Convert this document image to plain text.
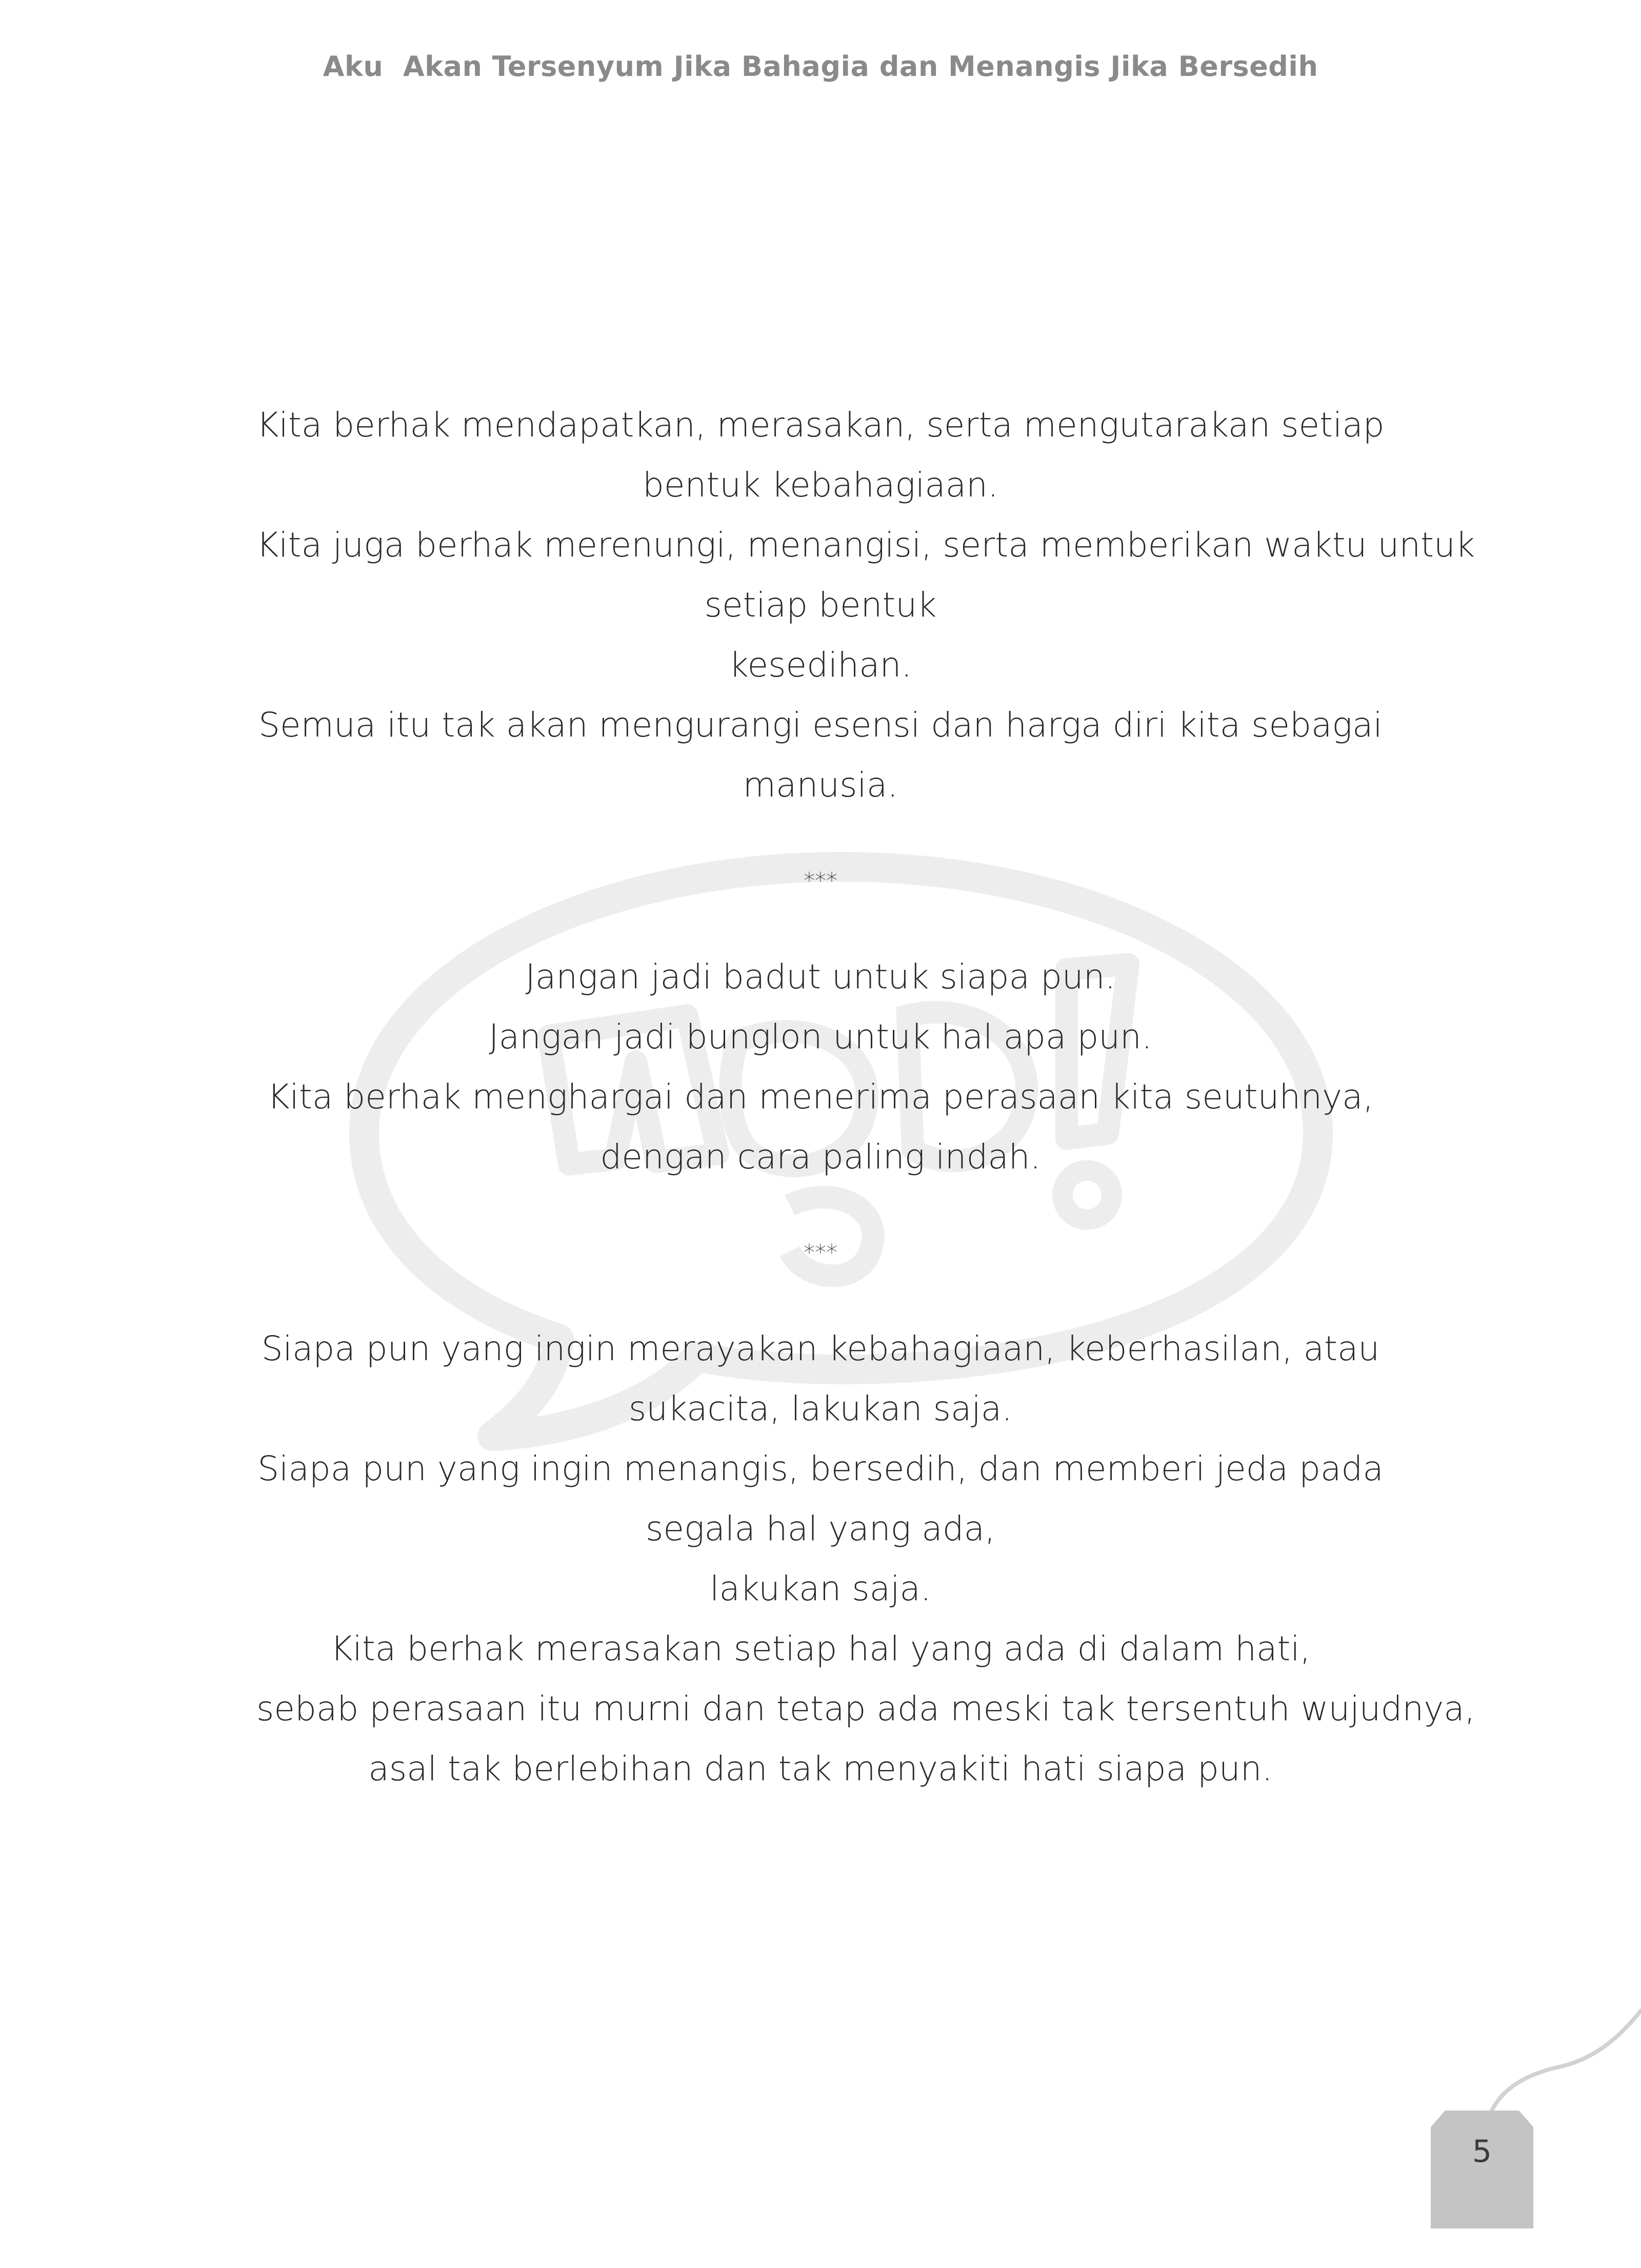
Aku  Akan Tersenyum Jika Bahagia dan Menangis Jika Bersedih
Kita berhak mendapatkan, merasakan, serta mengutarakan setiap
bentuk kebahagiaan.
Kita juga berhak merenungi, menangisi, serta memberikan waktu untuk
setiap bentuk
kesedihan.
Semua itu tak akan mengurangi esensi dan harga diri kita sebagai
manusia.
***
Jangan jadi badut untuk siapa pun.
Jangan jadi bunglon untuk hal apa pun.
Kita berhak menghargai dan menerima perasaan kita seutuhnya,
dengan cara paling indah.
***
Siapa pun yang ingin merayakan kebahagiaan, keberhasilan, atau
sukacita, lakukan saja.
Siapa pun yang ingin menangis, bersedih, dan memberi jeda pada
segala hal yang ada,
lakukan saja.
Kita berhak merasakan setiap hal yang ada di dalam hati,
sebab perasaan itu murni dan tetap ada meski tak tersentuh wujudnya,
asal tak berlebihan dan tak menyakiti hati siapa pun.
5
